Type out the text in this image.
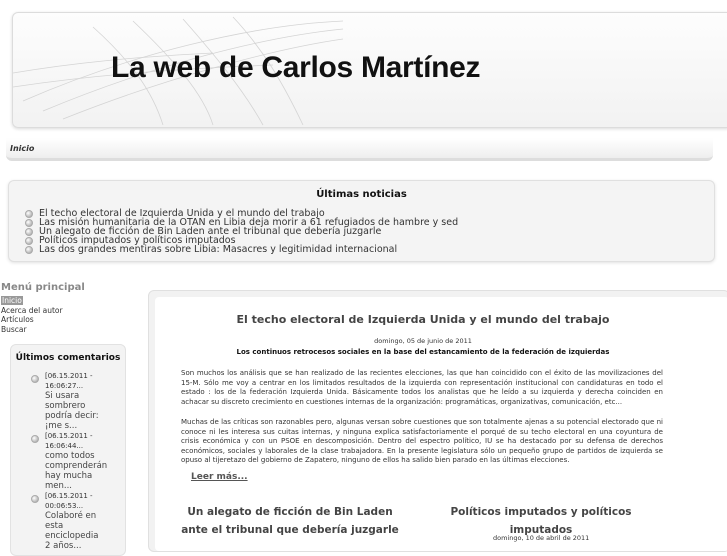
La web de Carlos Martínez
Inicio
Últimas noticias
El techo electoral de Izquierda Unida y el mundo del trabajo
Las misión humanitaria de la OTAN en Libia deja morir a 61 refugiados de hambre y sed
Un alegato de ficción de Bin Laden ante el tribunal que debería juzgarle
Políticos imputados y políticos imputados
Las dos grandes mentiras sobre Libia: Masacres y legitimidad internacional
Menú principal
Inicio
Acerca del autor
Artículos
Buscar
Últimos comentarios
[06.15.2011 - 16:06:27...
Si usara sombrero podría decir: ¡me s...
[06.15.2011 - 16:06:44...
como todos comprenderán hay mucha men...
[06.15.2011 - 00:06:53...
Colaboré en esta enciclopedia 2 años...
El techo electoral de Izquierda Unida y el mundo del trabajo
domingo, 05 de junio de 2011
Los continuos retrocesos sociales en la base del estancamiento de la federación de izquierdas

Son muchos los análisis que se han realizado de las recientes elecciones, las que han coincidido con el éxito de las movilizaciones del 15-M. Sólo me voy a centrar en los limitados resultados de la izquierda con representación institucional con candidaturas en todo el estado : los de la federación Izquierda Unida. Básicamente todos los analistas que he leído a su izquierda y derecha coinciden en achacar su discreto crecimiento en cuestiones internas de la organización: programáticas, organizativas, comunicación, etc...

Muchas de las críticas son razonables pero, algunas versan sobre cuestiones que son totalmente ajenas a su potencial electorado que ni conoce ni les interesa sus cuitas internas, y ninguna explica satisfactoriamente el porqué de su techo electoral en una coyuntura de crisis económica y con un PSOE en descomposición. Dentro del espectro político, IU se ha destacado por su defensa de derechos económicos, sociales y laborales de la clase trabajadora. En la presente legislatura sólo un pequeño grupo de partidos de izquierda se opuso al tijeretazo del gobierno de Zapatero, ninguno de ellos ha salido bien parado en las últimas elecciones.

Leer más...
Un alegato de ficción de Bin Laden ante el tribunal que debería juzgarle
Políticos imputados y políticos imputados
domingo, 10 de abril de 2011
